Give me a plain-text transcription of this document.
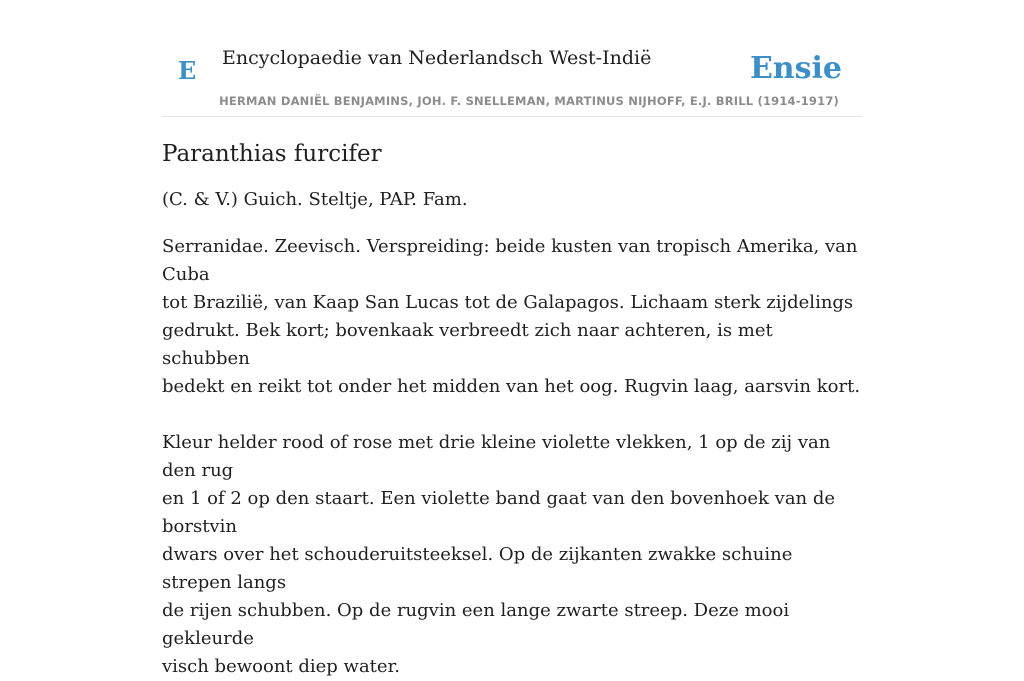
E Encyclopaedie van Nederlandsch West-Indië	Ensie
HERMAN DANIËL BENJAMINS, JOH. F. SNELLEMAN, MARTINUS NIJHOFF, E.J. BRILL (1914-1917)
Paranthias furcifer

(C. & V.) Guich. Steltje, PAP. Fam.

Serranidae. Zeevisch. Verspreiding: beide kusten van tropisch Amerika, van Cuba
tot Brazilië, van Kaap San Lucas tot de Galapagos. Lichaam sterk zijdelings
gedrukt. Bek kort; bovenkaak verbreedt zich naar achteren, is met schubben
bedekt en reikt tot onder het midden van het oog. Rugvin laag, aarsvin kort.

Kleur helder rood of rose met drie kleine violette vlekken, 1 op de zij van den rug
en 1 of 2 op den staart. Een violette band gaat van den bovenhoek van de borstvin
dwars over het schouderuitsteeksel. Op de zijkanten zwakke schuine strepen langs
de rijen schubben. Op de rugvin een lange zwarte streep. Deze mooi gekleurde
visch bewoont diep water.
